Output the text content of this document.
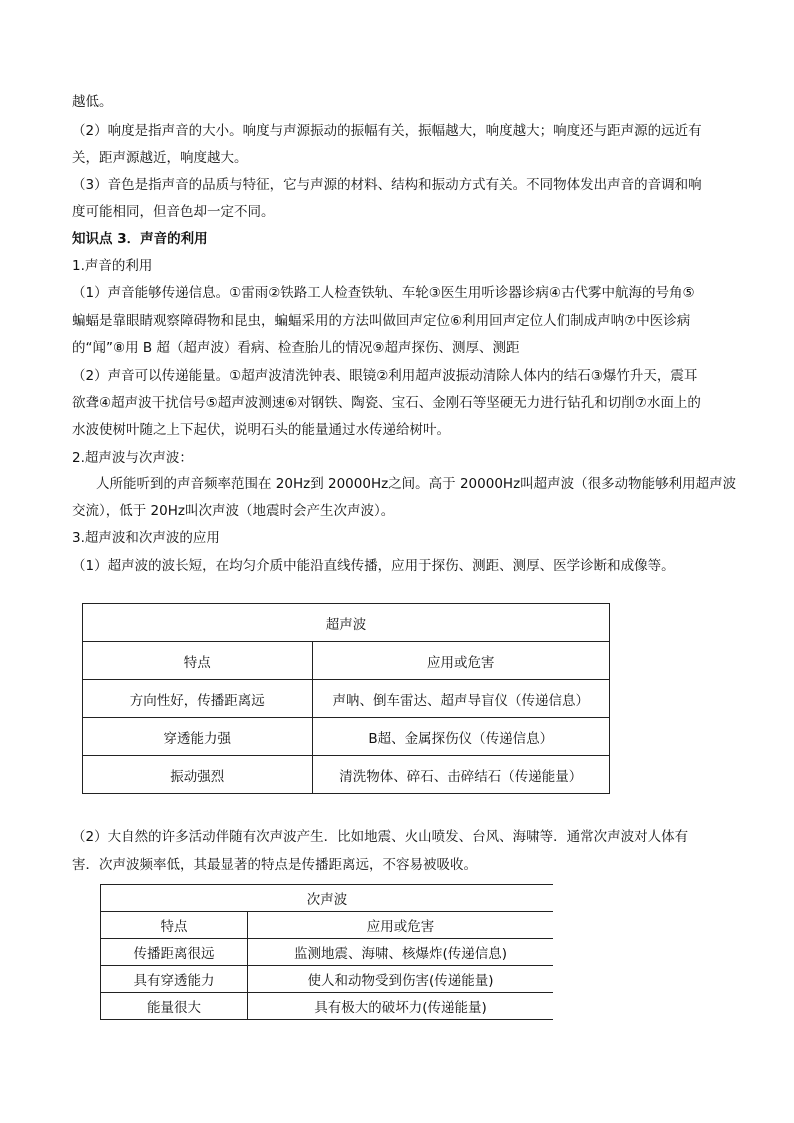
越低。
（2）响度是指声音的大小。响度与声源振动的振幅有关，振幅越大，响度越大；响度还与距声源的远近有
关，距声源越近，响度越大。
（3）音色是指声音的品质与特征，它与声源的材料、结构和振动方式有关。不同物体发出声音的音调和响
度可能相同，但音色却一定不同。
知识点 3．声音的利用
1.声音的利用
（1）声音能够传递信息。①雷雨②铁路工人检查铁轨、车轮③医生用听诊器诊病④古代雾中航海的号角⑤
蝙蝠是靠眼睛观察障碍物和昆虫，蝙蝠采用的方法叫做回声定位⑥利用回声定位人们制成声呐⑦中医诊病
的“闻”⑧用 B 超（超声波）看病、检查胎儿的情况⑨超声探伤、测厚、测距
（2）声音可以传递能量。①超声波清洗钟表、眼镜②利用超声波振动清除人体内的结石③爆竹升天，震耳
欲聋④超声波干扰信号⑤超声波测速⑥对钢铁、陶瓷、宝石、金刚石等坚硬无力进行钻孔和切削⑦水面上的
水波使树叶随之上下起伏，说明石头的能量通过水传递给树叶。
2.超声波与次声波：
人所能听到的声音频率范围在 20Hz到 20000Hz之间。高于 20000Hz叫超声波（很多动物能够利用超声波
交流），低于 20Hz叫次声波（地震时会产生次声波）。
3.超声波和次声波的应用
（1）超声波的波长短，在均匀介质中能沿直线传播，应用于探伤、测距、测厚、医学诊断和成像等。
超声波	
特点	应用或危害
方向性好，传播距离远	声呐、倒车雷达、超声导盲仪（传递信息）
穿透能力强	B超、金属探伤仪（传递信息）
振动强烈	清洗物体、碎石、击碎结石（传递能量）
（2）大自然的许多活动伴随有次声波产生．比如地震、火山喷发、台风、海啸等．通常次声波对人体有
害．次声波频率低，其最显著的特点是传播距离远，不容易被吸收。
次声波	
特点	应用或危害
传播距离很远	监测地震、海啸、核爆炸(传递信息)
具有穿透能力	使人和动物受到伤害(传递能量)
能量很大	具有极大的破坏力(传递能量)
